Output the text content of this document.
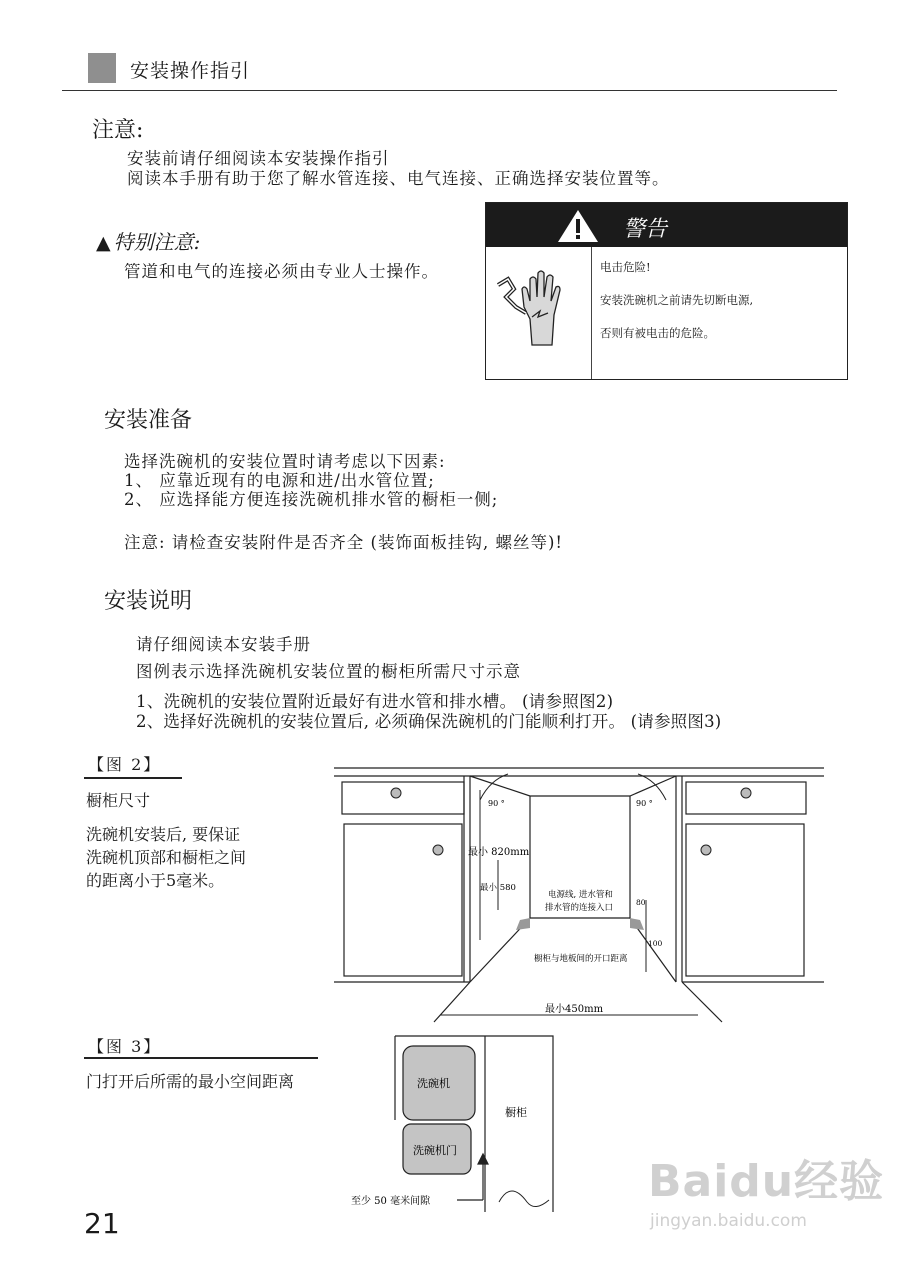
安装操作指引
注意:
安装前请仔细阅读本安装操作指引
阅读本手册有助于您了解水管连接、电气连接、正确选择安装位置等。
▲ 特别注意:
管道和电气的连接必须由专业人士操作。
警告
电击危险!
安装洗碗机之前请先切断电源,
否则有被电击的危险。
安装准备
选择洗碗机的安装位置时请考虑以下因素:
1、 应靠近现有的电源和进/出水管位置;
2、 应选择能方便连接洗碗机排水管的橱柜一侧;
注意: 请检查安装附件是否齐全 (装饰面板挂钩, 螺丝等)!
安装说明
请仔细阅读本安装手册
图例表示选择洗碗机安装位置的橱柜所需尺寸示意
1、洗碗机的安装位置附近最好有进水管和排水槽。 (请参照图2)
2、选择好洗碗机的安装位置后, 必须确保洗碗机的门能顺利打开。 (请参照图3)
【图 2】
橱柜尺寸
洗碗机安装后, 要保证
洗碗机顶部和橱柜之间
的距离小于5毫米。
90 °	90 °
最小 820mm
最小 580
电源线, 进水管和
排水管的连接入口
80
100
橱柜与地板间的开口距离
最小450mm
【图 3】
门打开后所需的最小空间距离	洗碗机
洗碗机门
橱柜
至少 50 毫米间隙
21
Baidu经验
jingyan.baidu.com
